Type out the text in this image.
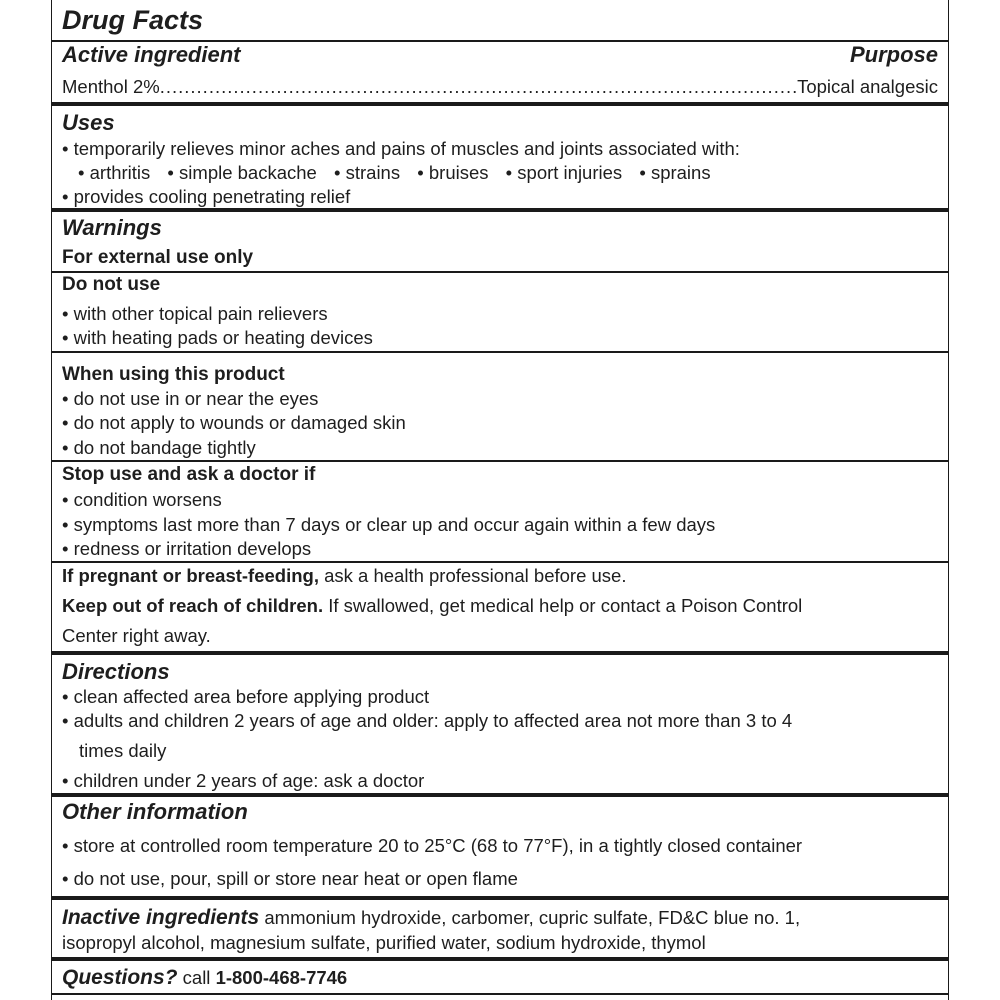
Drug Facts
Active ingredient	Purpose
Menthol 2% .....	Topical analgesic
Uses
• temporarily relieves minor aches and pains of muscles and joints associated with:
• arthritis • simple backache • strains • bruises • sport injuries • sprains
• provides cooling penetrating relief
Warnings
For external use only
Do not use
• with other topical pain relievers
• with heating pads or heating devices
When using this product
• do not use in or near the eyes
• do not apply to wounds or damaged skin
• do not bandage tightly
Stop use and ask a doctor if
• condition worsens
• symptoms last more than 7 days or clear up and occur again within a few days
• redness or irritation develops
If pregnant or breast-feeding, ask a health professional before use.
Keep out of reach of children. If swallowed, get medical help or contact a Poison Control
Center right away.
Directions
• clean affected area before applying product
• adults and children 2 years of age and older: apply to affected area not more than 3 to 4
times daily
• children under 2 years of age: ask a doctor
Other information
• store at controlled room temperature 20 to 25°C (68 to 77°F), in a tightly closed container
• do not use, pour, spill or store near heat or open flame
Inactive ingredients ammonium hydroxide, carbomer, cupric sulfate, FD&C blue no. 1,
isopropyl alcohol, magnesium sulfate, purified water, sodium hydroxide, thymol
Questions? call 1-800-468-7746
